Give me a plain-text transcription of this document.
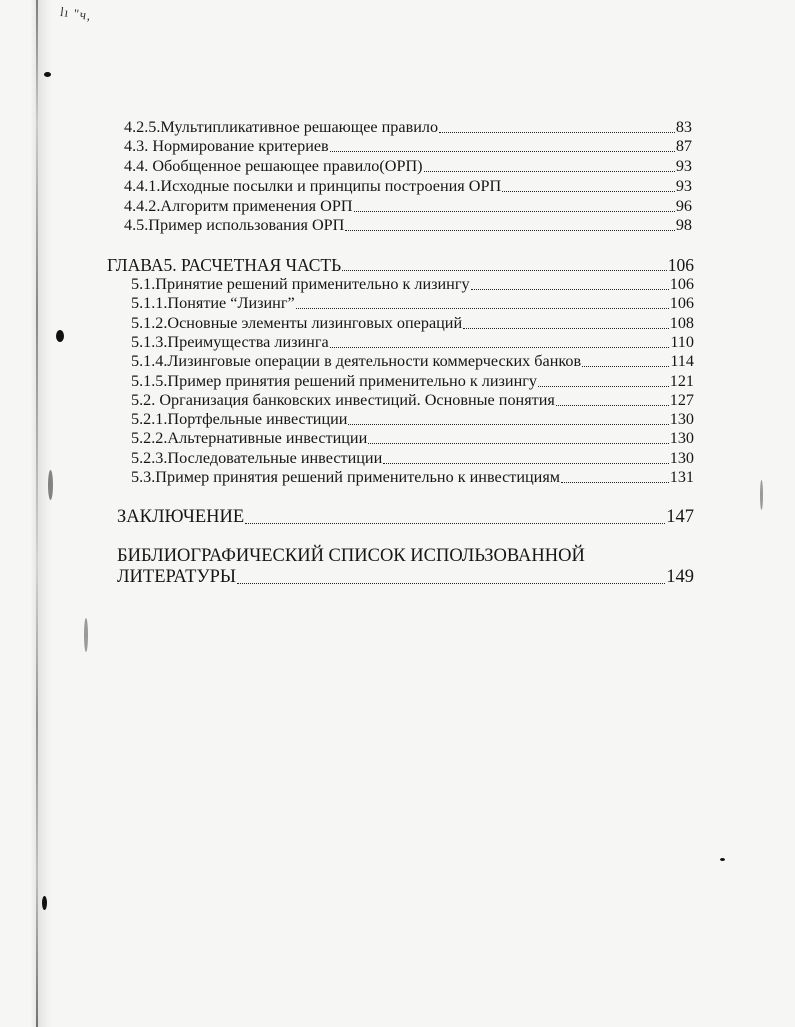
lı "ч,
4.2.5.Мультипликативное решающее правило	83
4.3. Нормирование критериев	87
4.4. Обобщенное решающее правило(ОРП)	93
4.4.1.Исходные посылки и принципы построения ОРП	93
4.4.2.Алгоритм применения ОРП	96
4.5.Пример использования ОРП	98
ГЛАВА5. РАСЧЕТНАЯ ЧАСТЬ	106
5.1.Принятие решений применительно к лизингу	106
5.1.1.Понятие “Лизинг”	106
5.1.2.Основные элементы лизинговых операций	108
5.1.3.Преимущества лизинга	110
5.1.4.Лизинговые операции в деятельности коммерческих банков	114
5.1.5.Пример принятия решений применительно к лизингу	121
5.2. Организация банковских инвестиций. Основные понятия	127
5.2.1.Портфельные инвестиции	130
5.2.2.Альтернативные инвестиции	130
5.2.3.Последовательные инвестиции	130
5.3.Пример принятия решений применительно к инвестициям	131
ЗАКЛЮЧЕНИЕ	147
БИБЛИОГРАФИЧЕСКИЙ СПИСОК ИСПОЛЬЗОВАННОЙ
ЛИТЕРАТУРЫ	149
